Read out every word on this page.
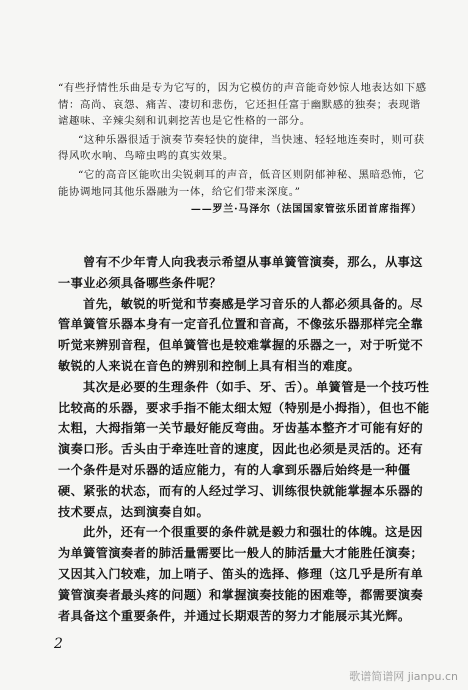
“有些抒情性乐曲是专为它写的，因为它模仿的声音能奇妙惊人地表达如下感情：高尚、哀怨、痛苦、凄切和悲伤，它还担任富于幽默感的独奏；表现谐谑趣味、辛辣尖刻和讥刺挖苦也是它性格的一部分。

“这种乐器很适于演奏节奏轻快的旋律，当快速、轻轻地连奏时，则可获得风吹水响、鸟啼虫鸣的真实效果。

“它的高音区能吹出尖锐刺耳的声音，低音区则阴郁神秘、黑暗恐怖，它能协调地同其他乐器融为一体，给它们带来深度。”

——罗兰·马泽尔（法国国家管弦乐团首席指挥）

曾有不少年青人向我表示希望从事单簧管演奏，那么，从事这一事业必须具备哪些条件呢？

首先，敏锐的听觉和节奏感是学习音乐的人都必须具备的。尽管单簧管乐器本身有一定音孔位置和音高，不像弦乐器那样完全靠听觉来辨别音程，但单簧管也是较难掌握的乐器之一，对于听觉不敏锐的人来说在音色的辨别和控制上具有相当的难度。

其次是必要的生理条件（如手、牙、舌）。单簧管是一个技巧性比较高的乐器，要求手指不能太细太短（特别是小拇指），但也不能太粗，大拇指第一关节最好能反弯曲。牙齿基本整齐才可能有好的演奏口形。舌头由于牵连吐音的速度，因此也必须是灵活的。还有一个条件是对乐器的适应能力，有的人拿到乐器后始终是一种僵硬、紧张的状态，而有的人经过学习、训练很快就能掌握本乐器的技术要点，达到演奏自如。

此外，还有一个很重要的条件就是毅力和强壮的体魄。这是因为单簧管演奏者的肺活量需要比一般人的肺活量大才能胜任演奏；又因其入门较难，加上哨子、笛头的选择、修理（这几乎是所有单簧管演奏者最头疼的问题）和掌握演奏技能的困难等，都需要演奏者具备这个重要条件，并通过长期艰苦的努力才能展示其光辉。

2
歌谱简谱网 jianpu.cn
